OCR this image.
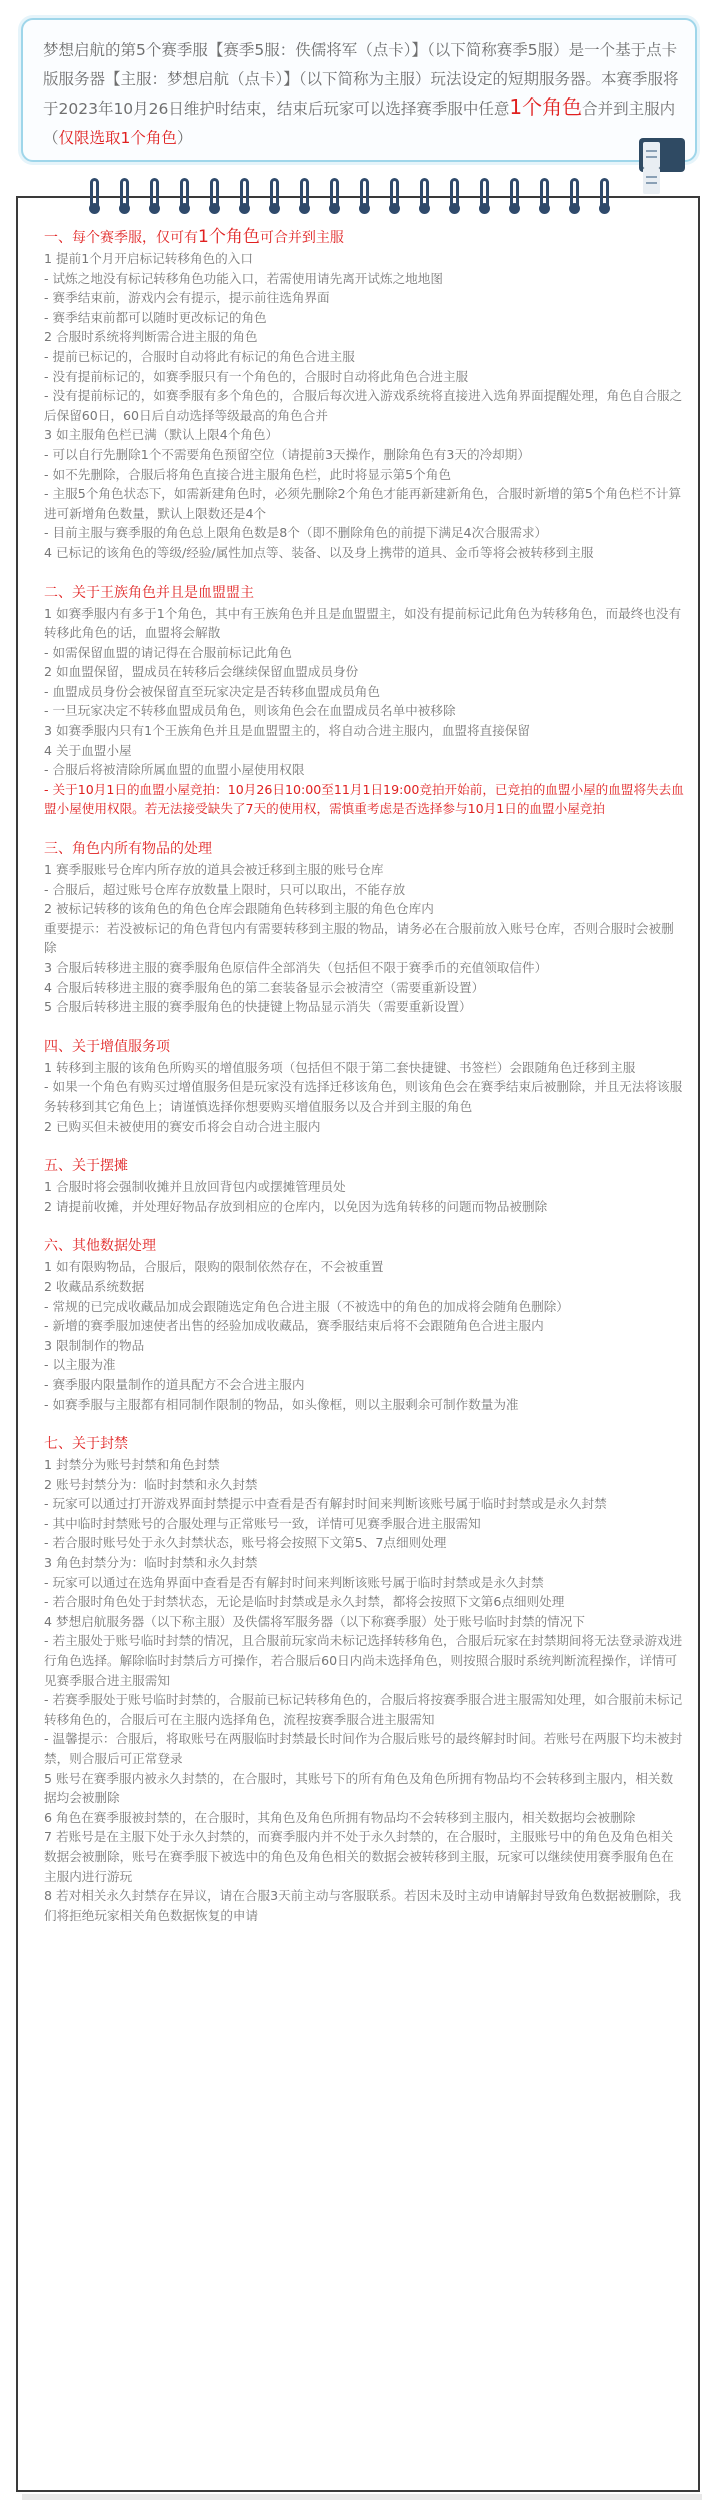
梦想启航的第5个赛季服【赛季5服：佚儒将军（点卡）】（以下简称赛季5服）是一个基于点卡版服务器【主服：梦想启航（点卡）】（以下简称为主服）玩法设定的短期服务器。本赛季服将于2023年10月26日维护时结束，结束后玩家可以选择赛季服中任意1个角色合并到主服内（仅限选取1个角色）

一、每个赛季服，仅可有1个角色可合并到主服
1 提前1个月开启标记转移角色的入口
- 试炼之地没有标记转移角色功能入口，若需使用请先离开试炼之地地图
- 赛季结束前，游戏内会有提示，提示前往选角界面
- 赛季结束前都可以随时更改标记的角色
2 合服时系统将判断需合进主服的角色
- 提前已标记的，合服时自动将此有标记的角色合进主服
- 没有提前标记的，如赛季服只有一个角色的，合服时自动将此角色合进主服
- 没有提前标记的，如赛季服有多个角色的，合服后每次进入游戏系统将直接进入选角界面提醒处理，角色自合服之后保留60日，60日后自动选择等级最高的角色合并
3 如主服角色栏已满（默认上限4个角色）
- 可以自行先删除1个不需要角色预留空位（请提前3天操作，删除角色有3天的冷却期）
- 如不先删除，合服后将角色直接合进主服角色栏，此时将显示第5个角色
- 主服5个角色状态下，如需新建角色时，必须先删除2个角色才能再新建新角色，合服时新增的第5个角色栏不计算进可新增角色数量，默认上限数还是4个
- 目前主服与赛季服的角色总上限角色数是8个（即不删除角色的前提下满足4次合服需求）
4 已标记的该角色的等级/经验/属性加点等、装备、以及身上携带的道具、金币等将会被转移到主服
二、关于王族角色并且是血盟盟主
1 如赛季服内有多于1个角色，其中有王族角色并且是血盟盟主，如没有提前标记此角色为转移角色，而最终也没有转移此角色的话，血盟将会解散
- 如需保留血盟的请记得在合服前标记此角色
2 如血盟保留，盟成员在转移后会继续保留血盟成员身份
- 血盟成员身份会被保留直至玩家决定是否转移血盟成员角色
- 一旦玩家决定不转移血盟成员角色，则该角色会在血盟成员名单中被移除
3 如赛季服内只有1个王族角色并且是血盟盟主的，将自动合进主服内，血盟将直接保留
4 关于血盟小屋
- 合服后将被清除所属血盟的血盟小屋使用权限
- 关于10月1日的血盟小屋竞拍：10月26日10:00至11月1日19:00竞拍开始前，已竞拍的血盟小屋的血盟将失去血盟小屋使用权限。若无法接受缺失了7天的使用权，需慎重考虑是否选择参与10月1日的血盟小屋竞拍
三、角色内所有物品的处理
1 赛季服账号仓库内所存放的道具会被迁移到主服的账号仓库
- 合服后，超过账号仓库存放数量上限时，只可以取出，不能存放
2 被标记转移的该角色的角色仓库会跟随角色转移到主服的角色仓库内
重要提示：若没被标记的角色背包内有需要转移到主服的物品，请务必在合服前放入账号仓库，否则合服时会被删除
3 合服后转移进主服的赛季服角色原信件全部消失（包括但不限于赛季币的充值领取信件）
4 合服后转移进主服的赛季服角色的第二套装备显示会被清空（需要重新设置）
5 合服后转移进主服的赛季服角色的快捷键上物品显示消失（需要重新设置）
四、关于增值服务项
1 转移到主服的该角色所购买的增值服务项（包括但不限于第二套快捷键、书签栏）会跟随角色迁移到主服
- 如果一个角色有购买过增值服务但是玩家没有选择迁移该角色，则该角色会在赛季结束后被删除，并且无法将该服务转移到其它角色上；请谨慎选择你想要购买增值服务以及合并到主服的角色
2 已购买但未被使用的赛安币将会自动合进主服内
五、关于摆摊
1 合服时将会强制收摊并且放回背包内或摆摊管理员处
2 请提前收摊，并处理好物品存放到相应的仓库内，以免因为选角转移的问题而物品被删除
六、其他数据处理
1 如有限购物品，合服后，限购的限制依然存在，不会被重置
2 收藏品系统数据
- 常规的已完成收藏品加成会跟随选定角色合进主服（不被选中的角色的加成将会随角色删除）
- 新增的赛季服加速使者出售的经验加成收藏品，赛季服结束后将不会跟随角色合进主服内
3 限制制作的物品
- 以主服为准
- 赛季服内限量制作的道具配方不会合进主服内
- 如赛季服与主服都有相同制作限制的物品，如头像框，则以主服剩余可制作数量为准
七、关于封禁
1 封禁分为账号封禁和角色封禁
2 账号封禁分为：临时封禁和永久封禁
- 玩家可以通过打开游戏界面封禁提示中查看是否有解封时间来判断该账号属于临时封禁或是永久封禁
- 其中临时封禁账号的合服处理与正常账号一致，详情可见赛季服合进主服需知
- 若合服时账号处于永久封禁状态，账号将会按照下文第5、7点细则处理
3 角色封禁分为：临时封禁和永久封禁
- 玩家可以通过在选角界面中查看是否有解封时间来判断该账号属于临时封禁或是永久封禁
- 若合服时角色处于封禁状态，无论是临时封禁或是永久封禁，都将会按照下文第6点细则处理
4 梦想启航服务器（以下称主服）及佚儒将军服务器（以下称赛季服）处于账号临时封禁的情况下
- 若主服处于账号临时封禁的情况，且合服前玩家尚未标记选择转移角色，合服后玩家在封禁期间将无法登录游戏进行角色选择。解除临时封禁后方可操作，若合服后60日内尚未选择角色，则按照合服时系统判断流程操作，详情可见赛季服合进主服需知
- 若赛季服处于账号临时封禁的，合服前已标记转移角色的，合服后将按赛季服合进主服需知处理，如合服前未标记转移角色的，合服后可在主服内选择角色，流程按赛季服合进主服需知
- 温馨提示：合服后，将取账号在两服临时封禁最长时间作为合服后账号的最终解封时间。若账号在两服下均未被封禁，则合服后可正常登录
5 账号在赛季服内被永久封禁的，在合服时，其账号下的所有角色及角色所拥有物品均不会转移到主服内，相关数据均会被删除
6 角色在赛季服被封禁的，在合服时，其角色及角色所拥有物品均不会转移到主服内，相关数据均会被删除
7 若账号是在主服下处于永久封禁的，而赛季服内并不处于永久封禁的，在合服时，主服账号中的角色及角色相关数据会被删除，账号在赛季服下被选中的角色及角色相关的数据会被转移到主服，玩家可以继续使用赛季服角色在主服内进行游玩
8 若对相关永久封禁存在异议，请在合服3天前主动与客服联系。若因未及时主动申请解封导致角色数据被删除，我们将拒绝玩家相关角色数据恢复的申请
